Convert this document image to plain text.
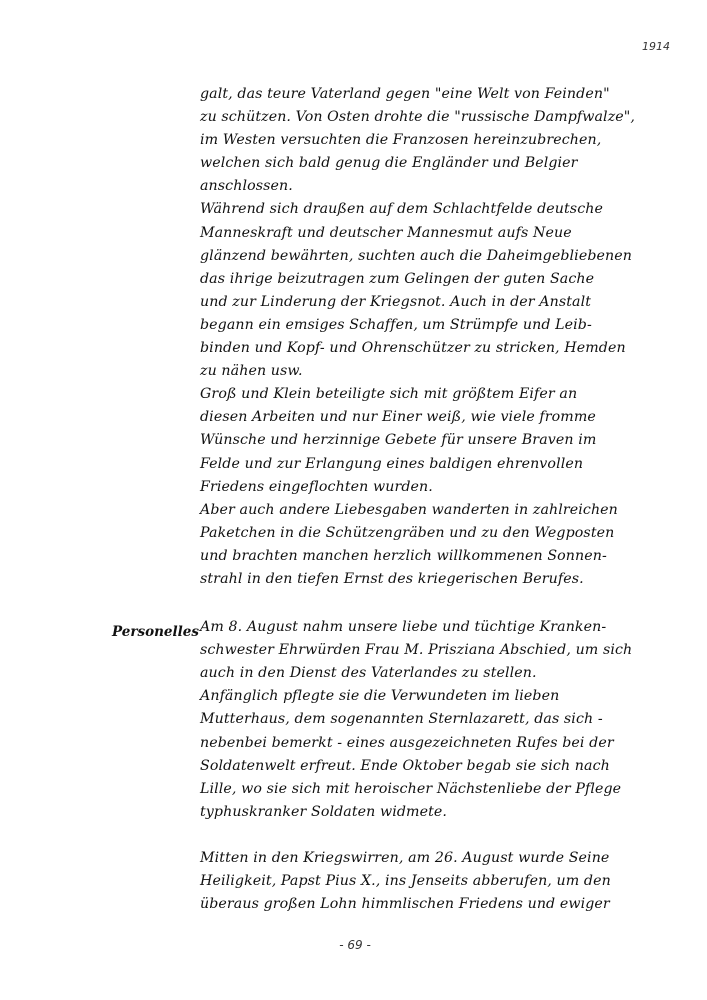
1914
galt, das teure Vaterland gegen "eine Welt von Feinden"
zu schützen. Von Osten drohte die "russische Dampfwalze",
im Westen versuchten die Franzosen hereinzubrechen,
welchen sich bald genug die Engländer und Belgier
anschlossen.
Während sich draußen auf dem Schlachtfelde deutsche
Manneskraft und deutscher Mannesmut aufs Neue
glänzend bewährten, suchten auch die Daheimgebliebenen
das ihrige beizutragen zum Gelingen der guten Sache
und zur Linderung der Kriegsnot. Auch in der Anstalt
begann ein emsiges Schaffen, um Strümpfe und Leib-
binden und Kopf- und Ohrenschützer zu stricken, Hemden
zu nähen usw.
Groß und Klein beteiligte sich mit größtem Eifer an
diesen Arbeiten und nur Einer weiß, wie viele fromme
Wünsche und herzinnige Gebete für unsere Braven im
Felde und zur Erlangung eines baldigen ehrenvollen
Friedens eingeflochten wurden.
Aber auch andere Liebesgaben wanderten in zahlreichen
Paketchen in die Schützengräben und zu den Wegposten
und brachten manchen herzlich willkommenen Sonnen-
strahl in den tiefen Ernst des kriegerischen Berufes.
Am 8. August nahm unsere liebe und tüchtige Kranken-
schwester Ehrwürden Frau M. Prisziana Abschied, um sich
auch in den Dienst des Vaterlandes zu stellen.
Anfänglich pflegte sie die Verwundeten im lieben
Mutterhaus, dem sogenannten Sternlazarett, das sich -
nebenbei bemerkt - eines ausgezeichneten Rufes bei der
Soldatenwelt erfreut. Ende Oktober begab sie sich nach
Lille, wo sie sich mit heroischer Nächstenliebe der Pflege
typhuskranker Soldaten widmete.
Mitten in den Kriegswirren, am 26. August wurde Seine
Heiligkeit, Papst Pius X., ins Jenseits abberufen, um den
überaus großen Lohn himmlischen Friedens und ewiger
Personelles
- 69 -
